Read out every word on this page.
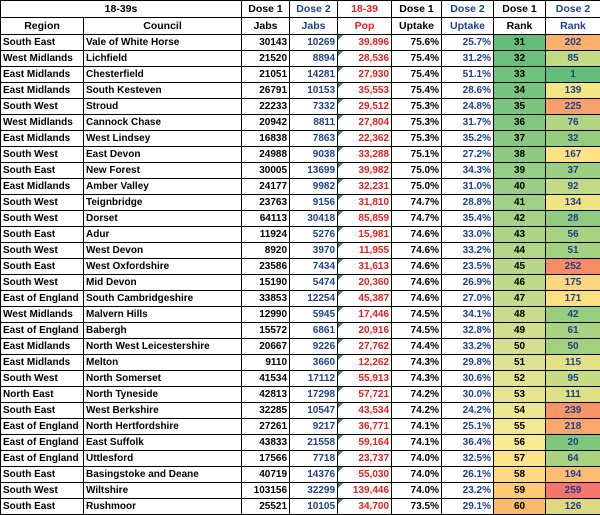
18-39s		Dose 1	Dose 2	18-39	Dose 1	Dose 2	Dose 1	Dose 2
Region	Council	Jabs	Jabs	Pop	Uptake	Uptake	Rank	Rank
South East	Vale of White Horse	30143	10269	39,896	75.6%	25.7%	31	202
West Midlands	Lichfield	21520	8894	28,536	75.4%	31.2%	32	85
East Midlands	Chesterfield	21051	14281	27,930	75.4%	51.1%	33	1
East Midlands	South Kesteven	26791	10153	35,553	75.4%	28.6%	34	139
South West	Stroud	22233	7332	29,512	75.3%	24.8%	35	225
West Midlands	Cannock Chase	20942	8811	27,804	75.3%	31.7%	36	76
East Midlands	West Lindsey	16838	7863	22,362	75.3%	35.2%	37	32
South West	East Devon	24988	9038	33,288	75.1%	27.2%	38	167
South East	New Forest	30005	13699	39,982	75.0%	34.3%	39	37
East Midlands	Amber Valley	24177	9982	32,231	75.0%	31.0%	40	92
South West	Teignbridge	23763	9156	31,810	74.7%	28.8%	41	134
South West	Dorset	64113	30418	85,859	74.7%	35.4%	42	28
South East	Adur	11924	5276	15,981	74.6%	33.0%	43	56
South West	West Devon	8920	3970	11,955	74.6%	33.2%	44	51
South East	West Oxfordshire	23586	7434	31,613	74.6%	23.5%	45	252
South West	Mid Devon	15190	5474	20,360	74.6%	26.9%	46	175
East of England	South Cambridgeshire	33853	12254	45,387	74.6%	27.0%	47	171
West Midlands	Malvern Hills	12990	5945	17,446	74.5%	34.1%	48	42
East of England	Babergh	15572	6861	20,916	74.5%	32.8%	49	61
East Midlands	North West Leicestershire	20667	9226	27,762	74.4%	33.2%	50	50
East Midlands	Melton	9110	3660	12,262	74.3%	29.8%	51	115
South West	North Somerset	41534	17112	55,913	74.3%	30.6%	52	95
North East	North Tyneside	42813	17298	57,721	74.2%	30.0%	53	111
South East	West Berkshire	32285	10547	43,534	74.2%	24.2%	54	239
East of England	North Hertfordshire	27261	9217	36,771	74.1%	25.1%	55	218
East of England	East Suffolk	43833	21558	59,164	74.1%	36.4%	56	20
East of England	Uttlesford	17566	7718	23,737	74.0%	32.5%	57	64
South East	Basingstoke and Deane	40719	14376	55,030	74.0%	26.1%	58	194
South West	Wiltshire	103156	32299	139,446	74.0%	23.2%	59	259
South East	Rushmoor	25521	10105	34,700	73.5%	29.1%	60	126
